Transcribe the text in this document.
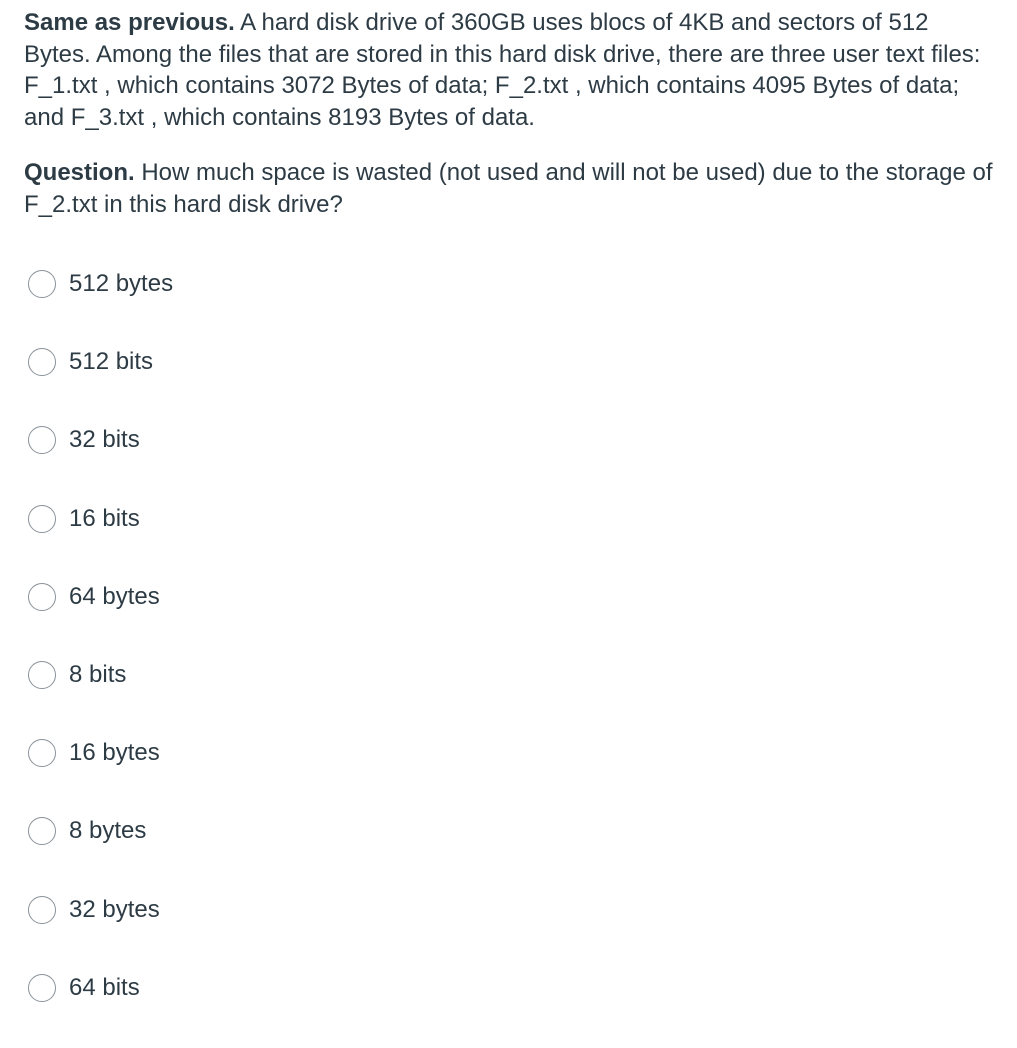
Same as previous. A hard disk drive of 360GB uses blocs of 4KB and sectors of 512 Bytes. Among the files that are stored in this hard disk drive, there are three user text files: F_1.txt , which contains 3072 Bytes of data; F_2.txt , which contains 4095 Bytes of data; and F_3.txt , which contains 8193 Bytes of data.

Question. How much space is wasted (not used and will not be used) due to the storage of F_2.txt in this hard disk drive?

512 bytes
512 bits
32 bits
16 bits
64 bytes
8 bits
16 bytes
8 bytes
32 bytes
64 bits
